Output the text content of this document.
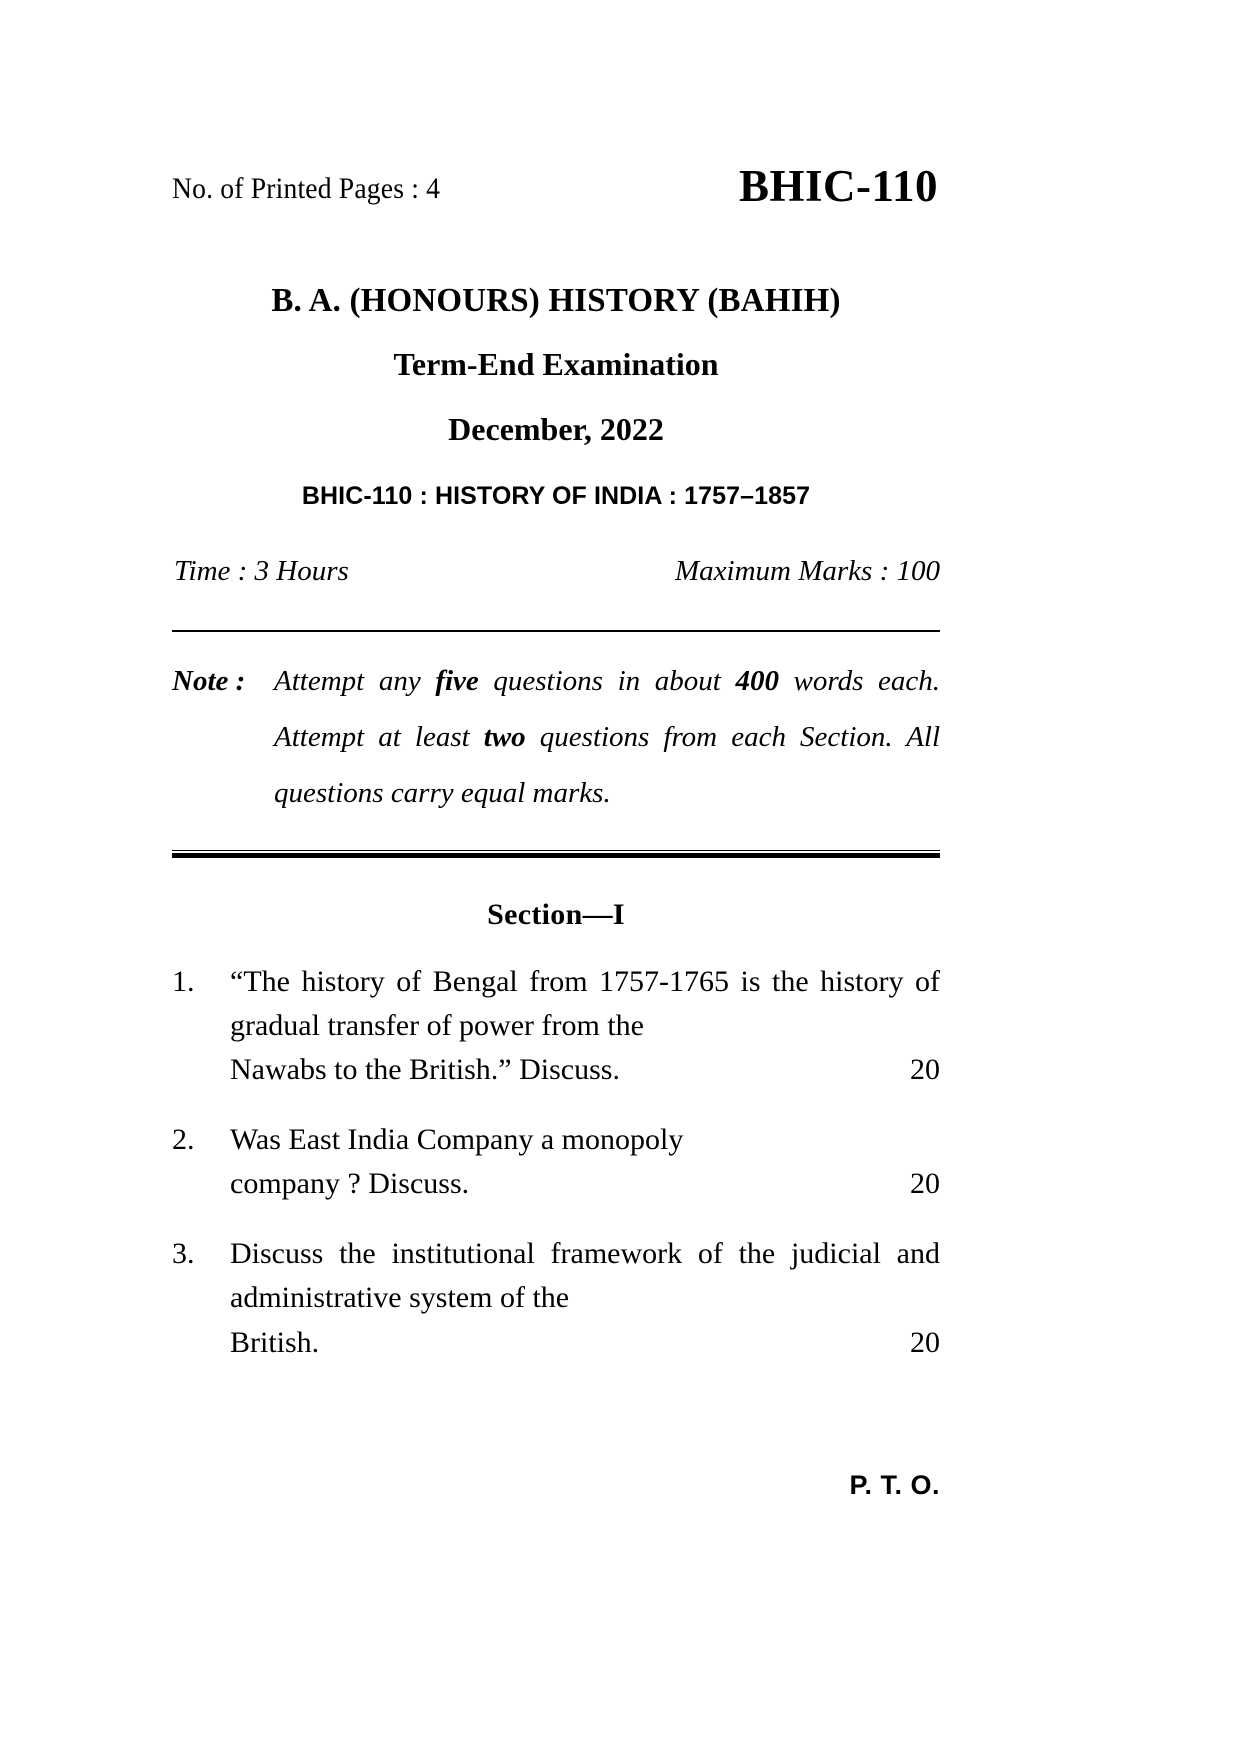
No. of Printed Pages : 4	BHIC-110
B. A. (HONOURS) HISTORY (BAHIH)
Term-End Examination
December, 2022
BHIC-110 : HISTORY OF INDIA : 1757–1857
Time : 3 Hours	Maximum Marks : 100
Note : Attempt any five questions in about 400 words each. Attempt at least two questions from each Section. All questions carry equal marks.
Section—I
1. “The history of Bengal from 1757-1765 is the history of gradual transfer of power from the
Nawabs to the British.” Discuss.	20
2. Was East India Company a monopoly
company ? Discuss.	20
3. Discuss the institutional framework of the judicial and administrative system of the
British.	20
P. T. O.
